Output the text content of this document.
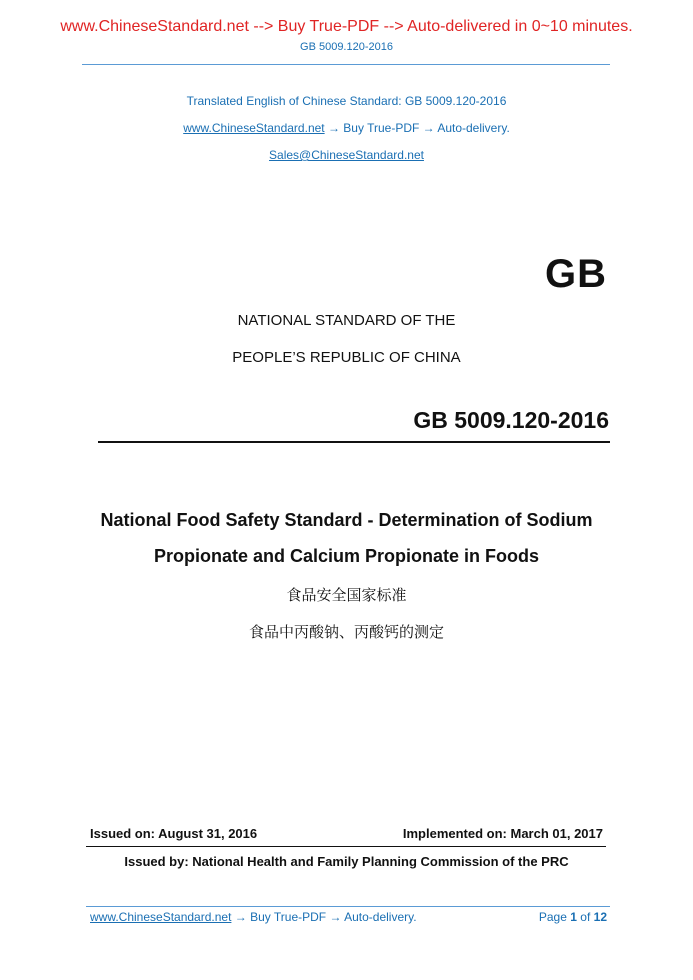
www.ChineseStandard.net --> Buy True-PDF --> Auto-delivered in 0~10 minutes.
GB 5009.120-2016
Translated English of Chinese Standard: GB 5009.120-2016
www.ChineseStandard.net → Buy True-PDF → Auto-delivery.
Sales@ChineseStandard.net
GB
NATIONAL STANDARD OF THE
PEOPLE’S REPUBLIC OF CHINA
GB 5009.120-2016
National Food Safety Standard - Determination of Sodium
Propionate and Calcium Propionate in Foods
食品安全国家标准
食品中丙酸钠、丙酸钙的测定
Issued on: August 31, 2016	Implemented on: March 01, 2017
Issued by: National Health and Family Planning Commission of the PRC
www.ChineseStandard.net → Buy True-PDF → Auto-delivery.	Page 1 of 12
